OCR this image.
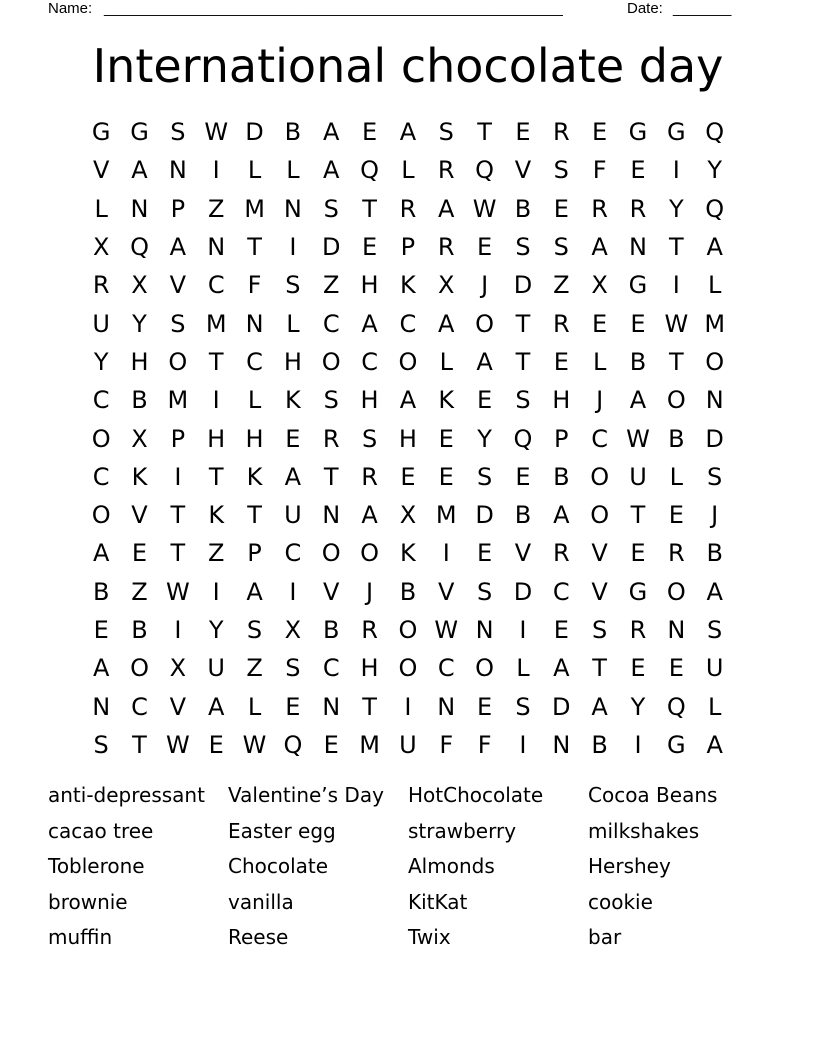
Name: _______________________________________________________	Date: _______
International chocolate day
G G S W D B A E A S T E R E G G Q
V A N	I	L	L A Q L R Q V S F E	I	Y
L N P Z M N S T R A W B E R R Y Q
X Q A N T	I	D E P R E S S A N T A
R X V C F S Z H K X	J	D Z X G	I	L
U Y S M N L C A C A O T R E E W M
Y H O T C H O C O L A T E	L B T O
C B M	I	L K S H A K E S H	J	A O N
O X P H H E R S H E Y Q P C W B D
C K	I	T K A T R E E S E B O U L	S
O V T K T U N A X M D B A O T E	J
A E T Z P C O O K	I	E V R V E R B
B Z W I	A	I	V	J	B V S D C V G O A
E B	I	Y S X B R O W N	I	E S R N S
A O X U Z S C H O C O L A T E E U
N C V A L	E N T	I	N E S D A Y Q L
S T W E W Q E M U F	F	I	N B	I	G A
anti-depressant	Valentine’s Day	HotChocolate	Cocoa Beans
cacao tree	Easter egg	strawberry	milkshakes
Toblerone	Chocolate	Almonds	Hershey
brownie	vanilla	KitKat	cookie
muffin	Reese	Twix	bar
